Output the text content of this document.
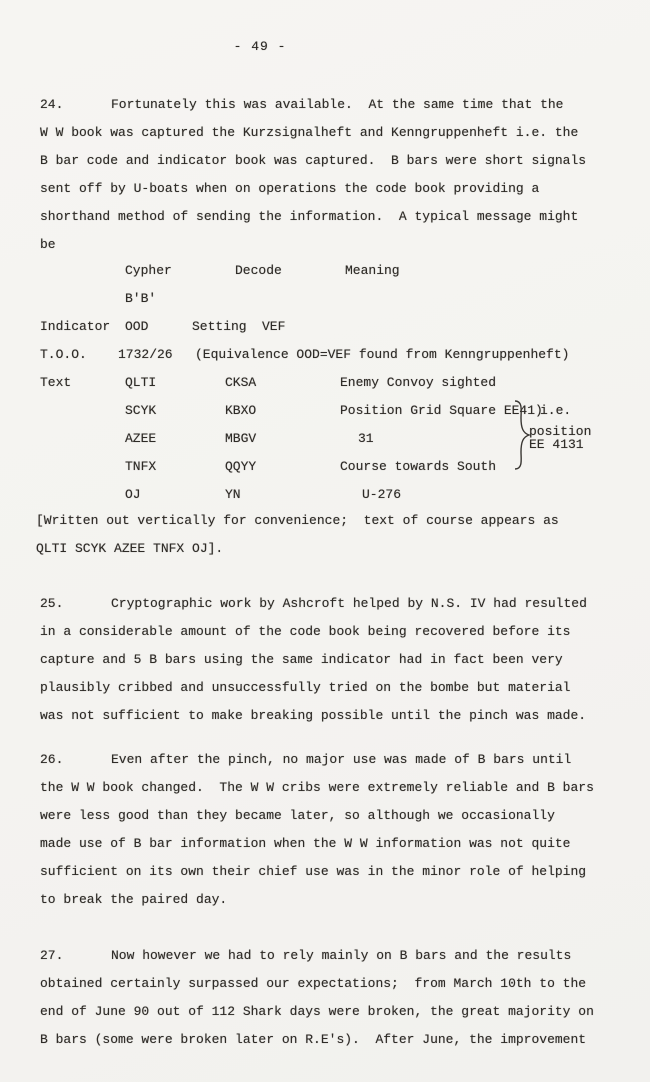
- 49 -
24.	Fortunately this was available.  At the same time that the
W W book was captured the Kurzsignalheft and Kenngruppenheft i.e. the
B bar code and indicator book was captured.  B bars were short signals
sent off by U-boats when on operations the code book providing a
shorthand method of sending the information.  A typical message might
be
Cypher	Decode	Meaning
B'B'
Indicator OOD	Setting VEF
T.O.O. 1732/26 (Equivalence OOD=VEF found from Kenngruppenheft)
Text	QLTI	CKSA	Enemy Convoy sighted
SCYK	KBXO	Position Grid Square EE41)
AZEE	MBGV	31
TNFX	QQYY	Course towards South
OJ	YN	U-276
i.e.
position
EE 4131
[Written out vertically for convenience;  text of course appears as
QLTI SCYK AZEE TNFX OJ].
25.	Cryptographic work by Ashcroft helped by N.S. IV had resulted
in a considerable amount of the code book being recovered before its
capture and 5 B bars using the same indicator had in fact been very
plausibly cribbed and unsuccessfully tried on the bombe but material
was not sufficient to make breaking possible until the pinch was made.
26.	Even after the pinch, no major use was made of B bars until
the W W book changed.  The W W cribs were extremely reliable and B bars
were less good than they became later, so although we occasionally
made use of B bar information when the W W information was not quite
sufficient on its own their chief use was in the minor role of helping
to break the paired day.
27.	Now however we had to rely mainly on B bars and the results
obtained certainly surpassed our expectations;  from March 10th to the
end of June 90 out of 112 Shark days were broken, the great majority on
B bars (some were broken later on R.E's).  After June, the improvement
